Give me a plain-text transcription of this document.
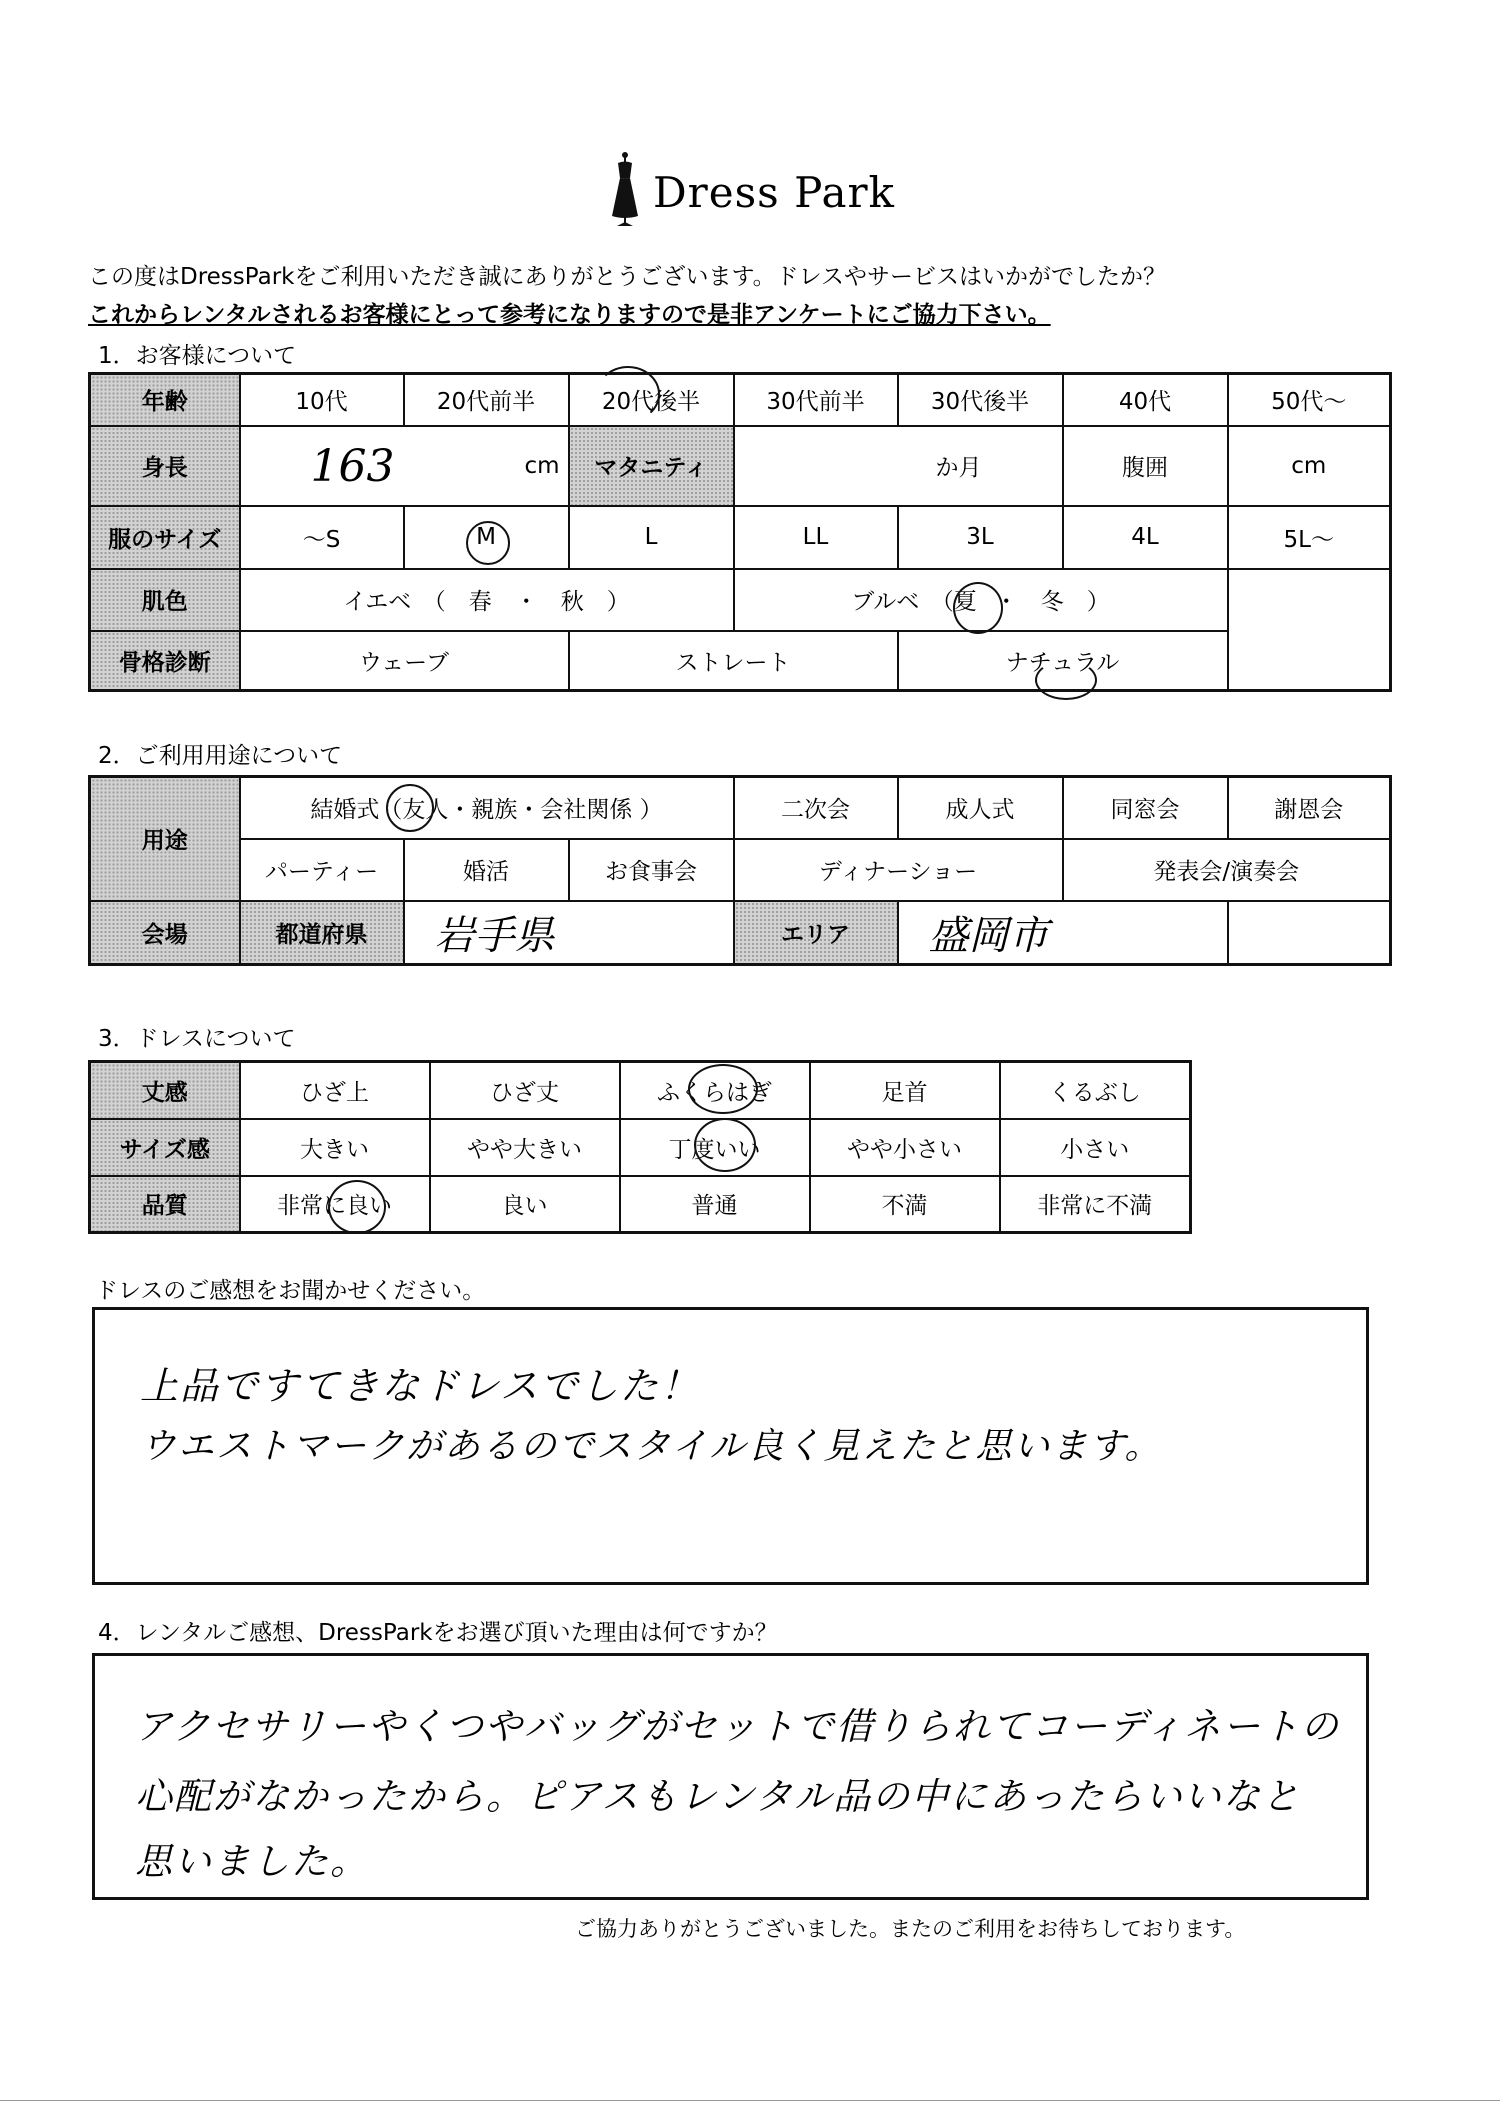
Dress Park
この度はDressParkをご利用いただき誠にありがとうございます。ドレスやサービスはいかがでしたか？
これからレンタルされるお客様にとって参考になりますので是非アンケートにご協力下さい。
1．お客様について
年齢	10代	20代前半	20代後半	30代前半	30代後半	40代	50代～
身長	163 cm		マタニティ	か月		腹囲	cm
服のサイズ	～S	M	L	LL	3L	4L	5L～
肌色	イエベ　（　春　・　秋　）			ブルベ　（夏 ・　冬　）			
骨格診断	ウェーブ		ストレート		ナチュラル		
2．ご利用用途について
用途	結婚式（友人・親族・会社関係 ）			二次会	成人式	同窓会	謝恩会
	パーティー	婚活	お食事会	ディナーショー		発表会/演奏会	
会場	都道府県	岩手県		エリア	盛岡市		
3．ドレスについて
丈感	ひざ上	ひざ丈	ふくらはぎ	足首	くるぶし
サイズ感	大きい	やや大きい	丁度いい	やや小さい	小さい
品質	非常に良い	良い	普通	不満	非常に不満
ドレスのご感想をお聞かせください。
上品ですてきなドレスでした！
ウエストマークがあるのでスタイル良く見えたと思います。
4．レンタルご感想、DressParkをお選び頂いた理由は何ですか？
アクセサリーやくつやバッグがセットで借りられてコーディネートの
心配がなかったから。ピアスもレンタル品の中にあったらいいなと
思いました。
ご協力ありがとうございました。またのご利用をお待ちしております。
